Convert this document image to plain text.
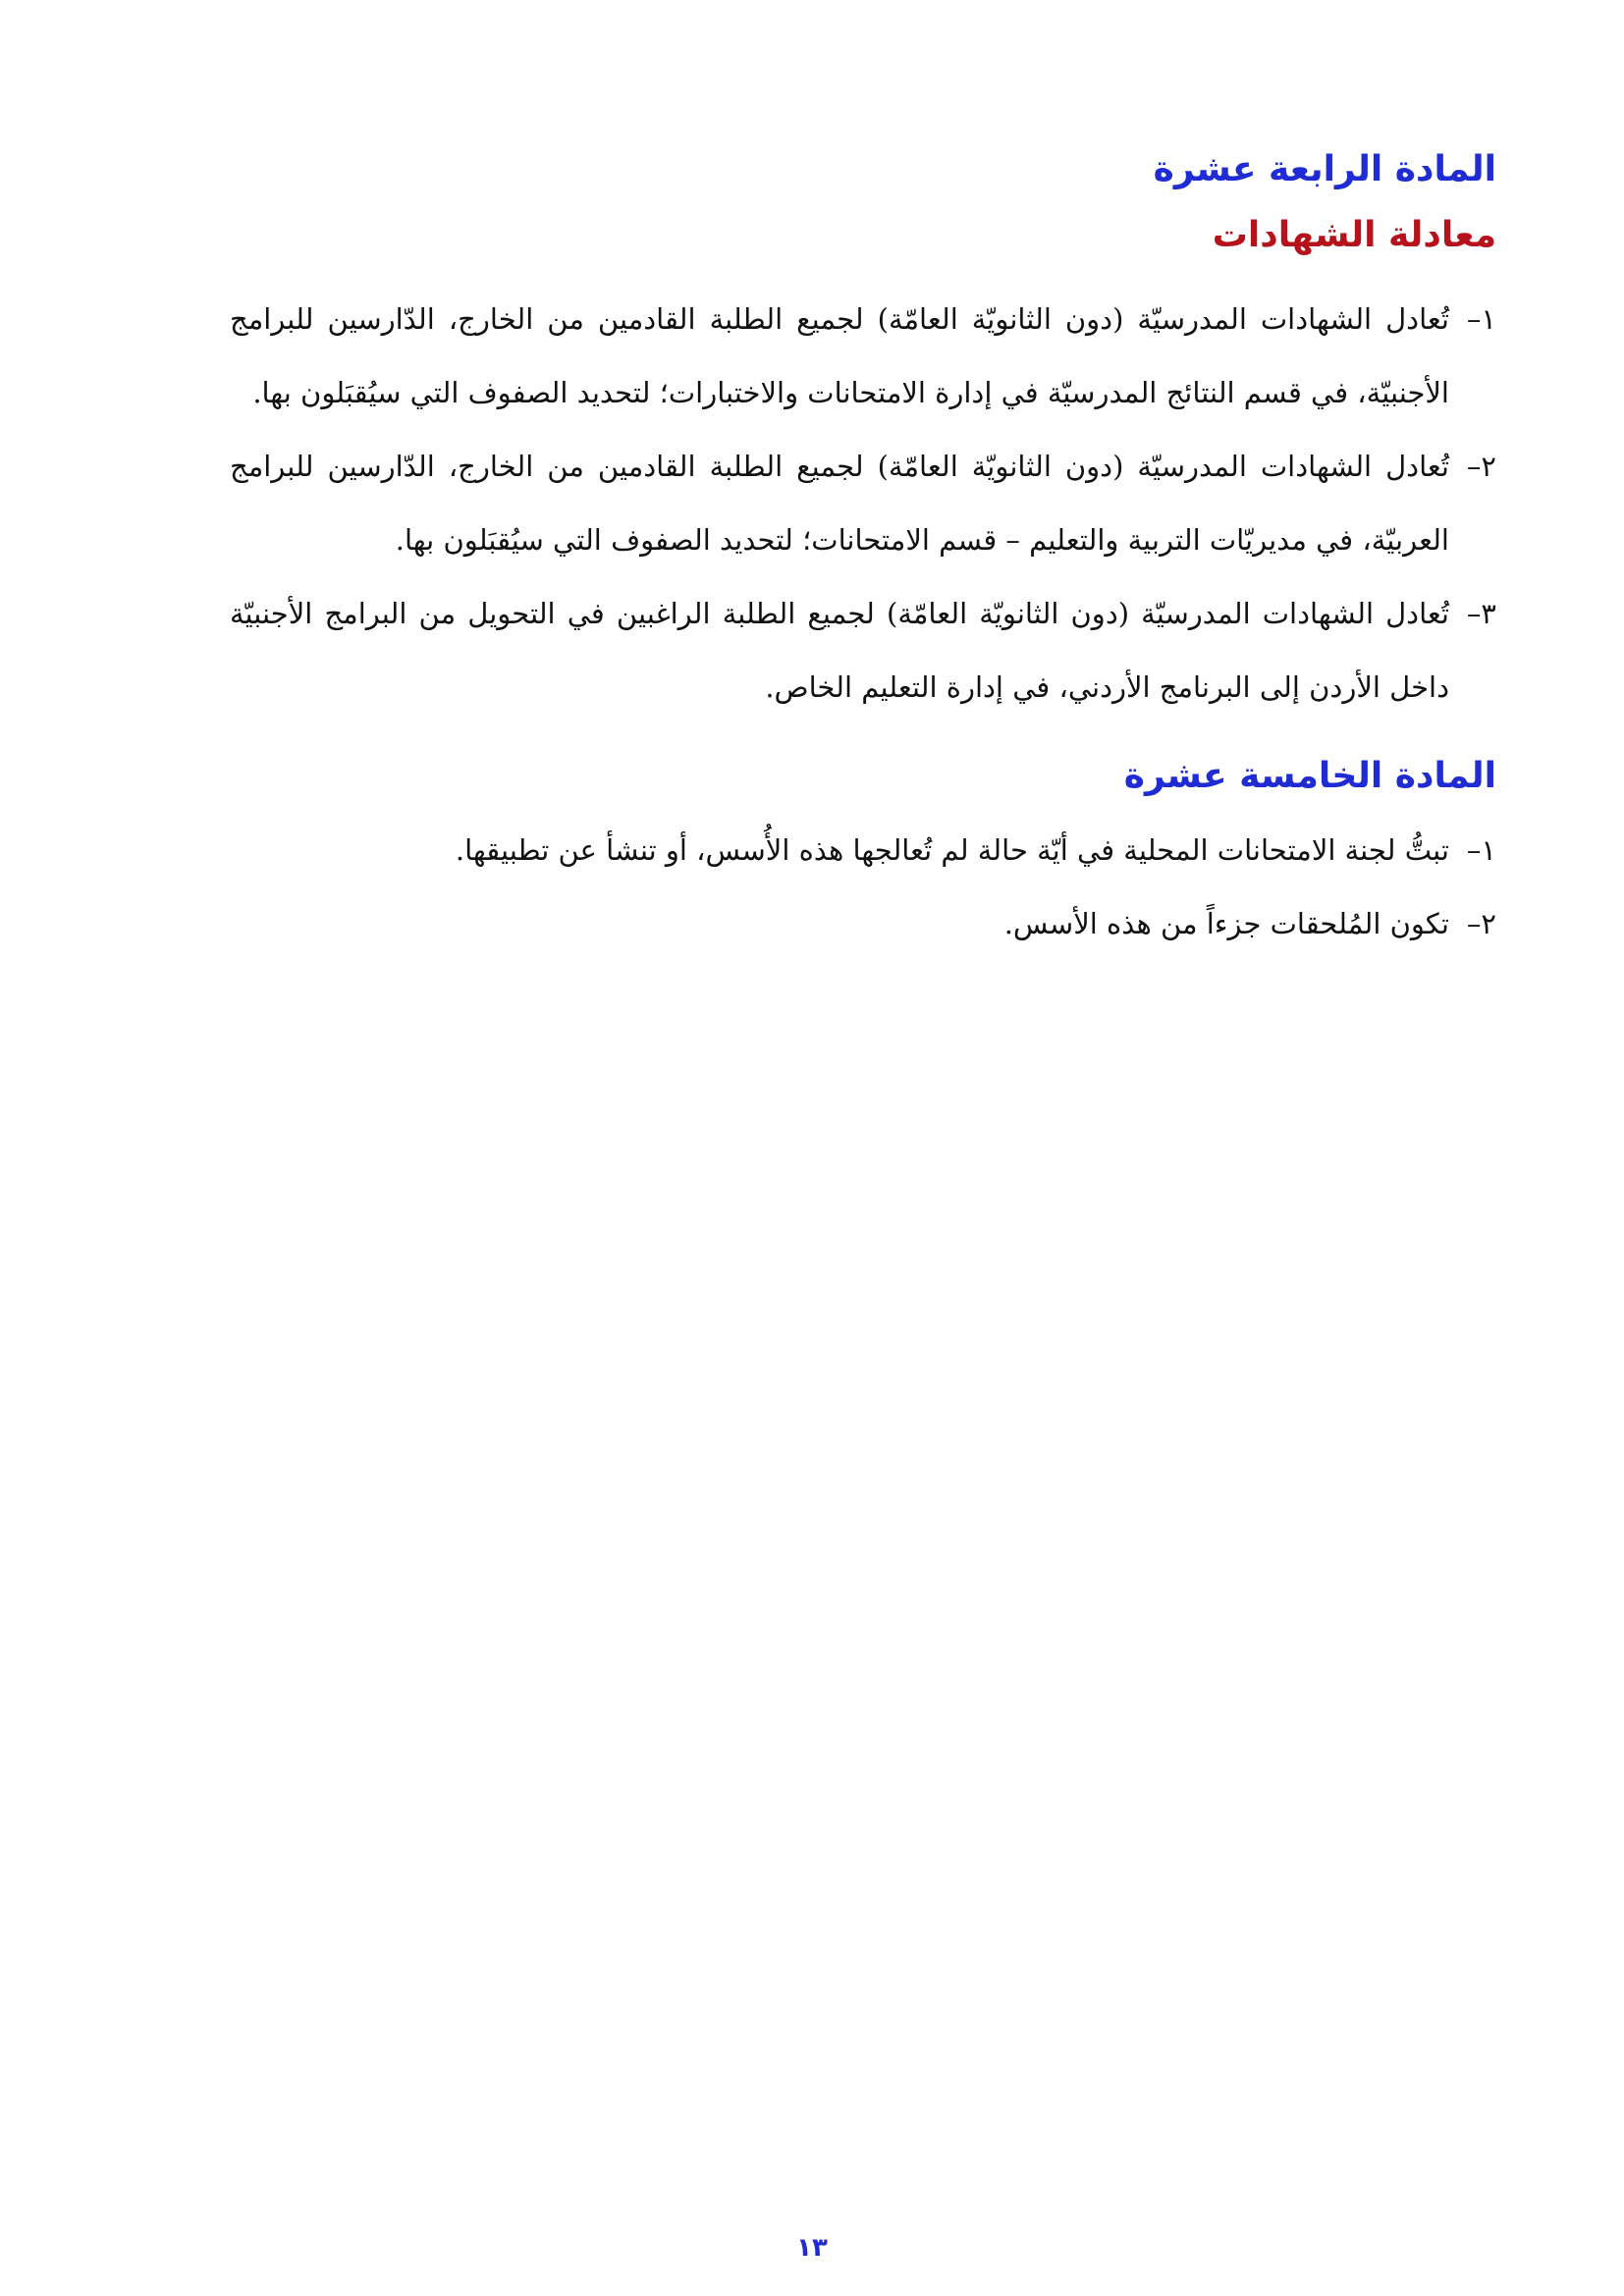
المادة الرابعة عشرة
معادلة الشهادات
١–تُعادل الشهادات المدرسيّة (دون الثانويّة العامّة) لجميع الطلبة القادمين من الخارج، الدّارسين للبرامج الأجنبيّة، في قسم النتائج المدرسيّة في إدارة الامتحانات والاختبارات؛ لتحديد الصفوف التي سيُقبَلون بها.
٢–تُعادل الشهادات المدرسيّة (دون الثانويّة العامّة) لجميع الطلبة القادمين من الخارج، الدّارسين للبرامج العربيّة، في مديريّات التربية والتعليم – قسم الامتحانات؛ لتحديد الصفوف التي سيُقبَلون بها.
٣–تُعادل الشهادات المدرسيّة (دون الثانويّة العامّة) لجميع الطلبة الراغبين في التحويل من البرامج الأجنبيّة داخل الأردن إلى البرنامج الأردني، في إدارة التعليم الخاص.
المادة الخامسة عشرة
١–تبتُّ لجنة الامتحانات المحلية في أيّة حالة لم تُعالجها هذه الأُسس، أو تنشأ عن تطبيقها.
٢–تكون المُلحقات جزءاً من هذه الأسس.
١٣
